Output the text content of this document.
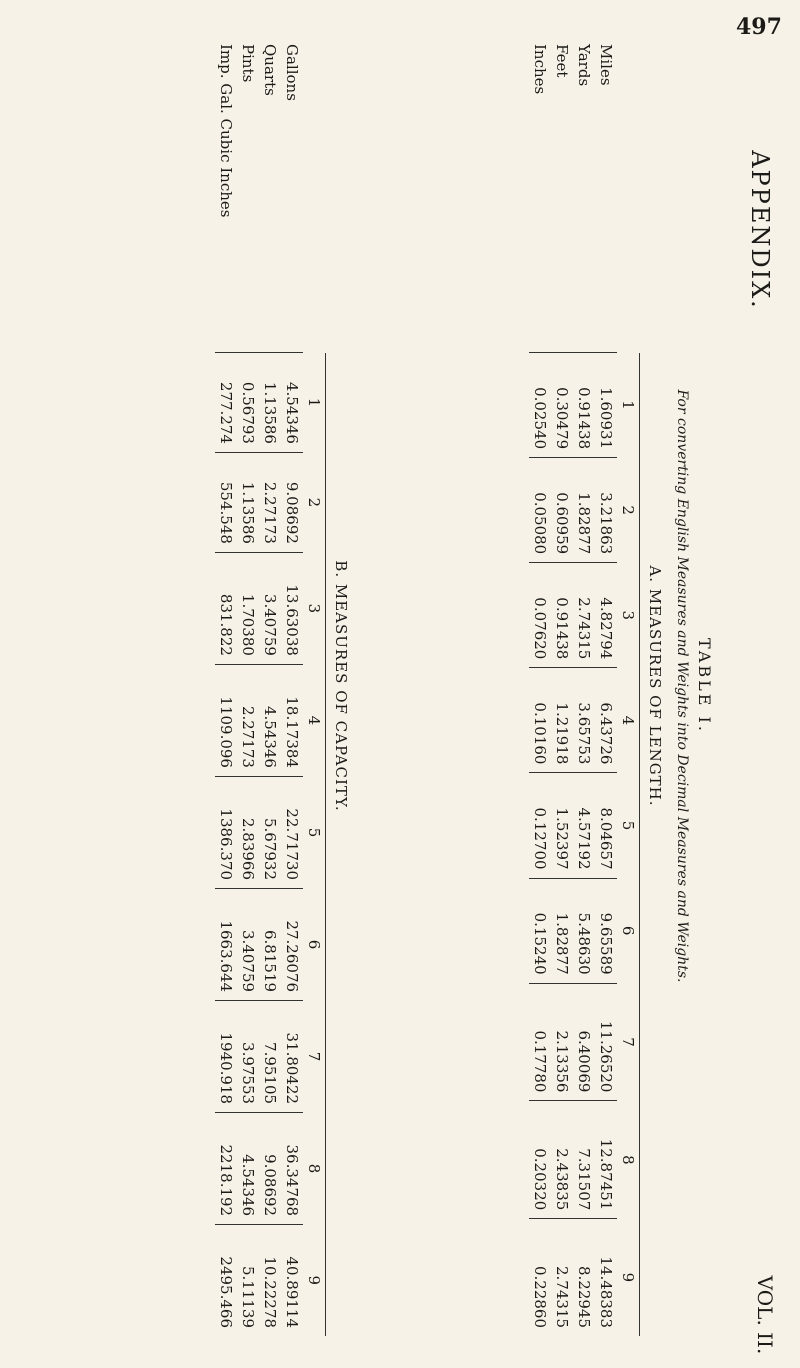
497
APPENDIX.
VOL. II.
TABLE I.
For converting English Measures and Weights into Decimal Measures and Weights.
A. MEASURES OF LENGTH.
	1	2	3	4	5	6	7	8	9
Miles	1.60931	3.21863	4.82794	6.43726	8.04657	9.65589	11.26520	12.87451	14.48383
Yards	0.91438	1.82877	2.74315	3.65753	4.57192	5.48630	6.40069	7.31507	8.22945
Feet	0.30479	0.60959	0.91438	1.21918	1.52397	1.82877	2.13356	2.43835	2.74315
Inches	0.02540	0.05080	0.07620	0.10160	0.12700	0.15240	0.17780	0.20320	0.22860
B. MEASURES OF CAPACITY.
	1	2	3	4	5	6	7	8	9
Gallons	4.54346	9.08692	13.63038	18.17384	22.71730	27.26076	31.80422	36.34768	40.89114
Quarts	1.13586	2.27173	3.40759	4.54346	5.67932	6.81519	7.95105	9.08692	10.22278
Pints	0.56793	1.13586	1.70380	2.27173	2.83966	3.40759	3.97553	4.54346	5.11139
Imp. Gal. Cubic Inches	277.274	554.548	831.822	1109.096	1386.370	1663.644	1940.918	2218.192	2495.466
